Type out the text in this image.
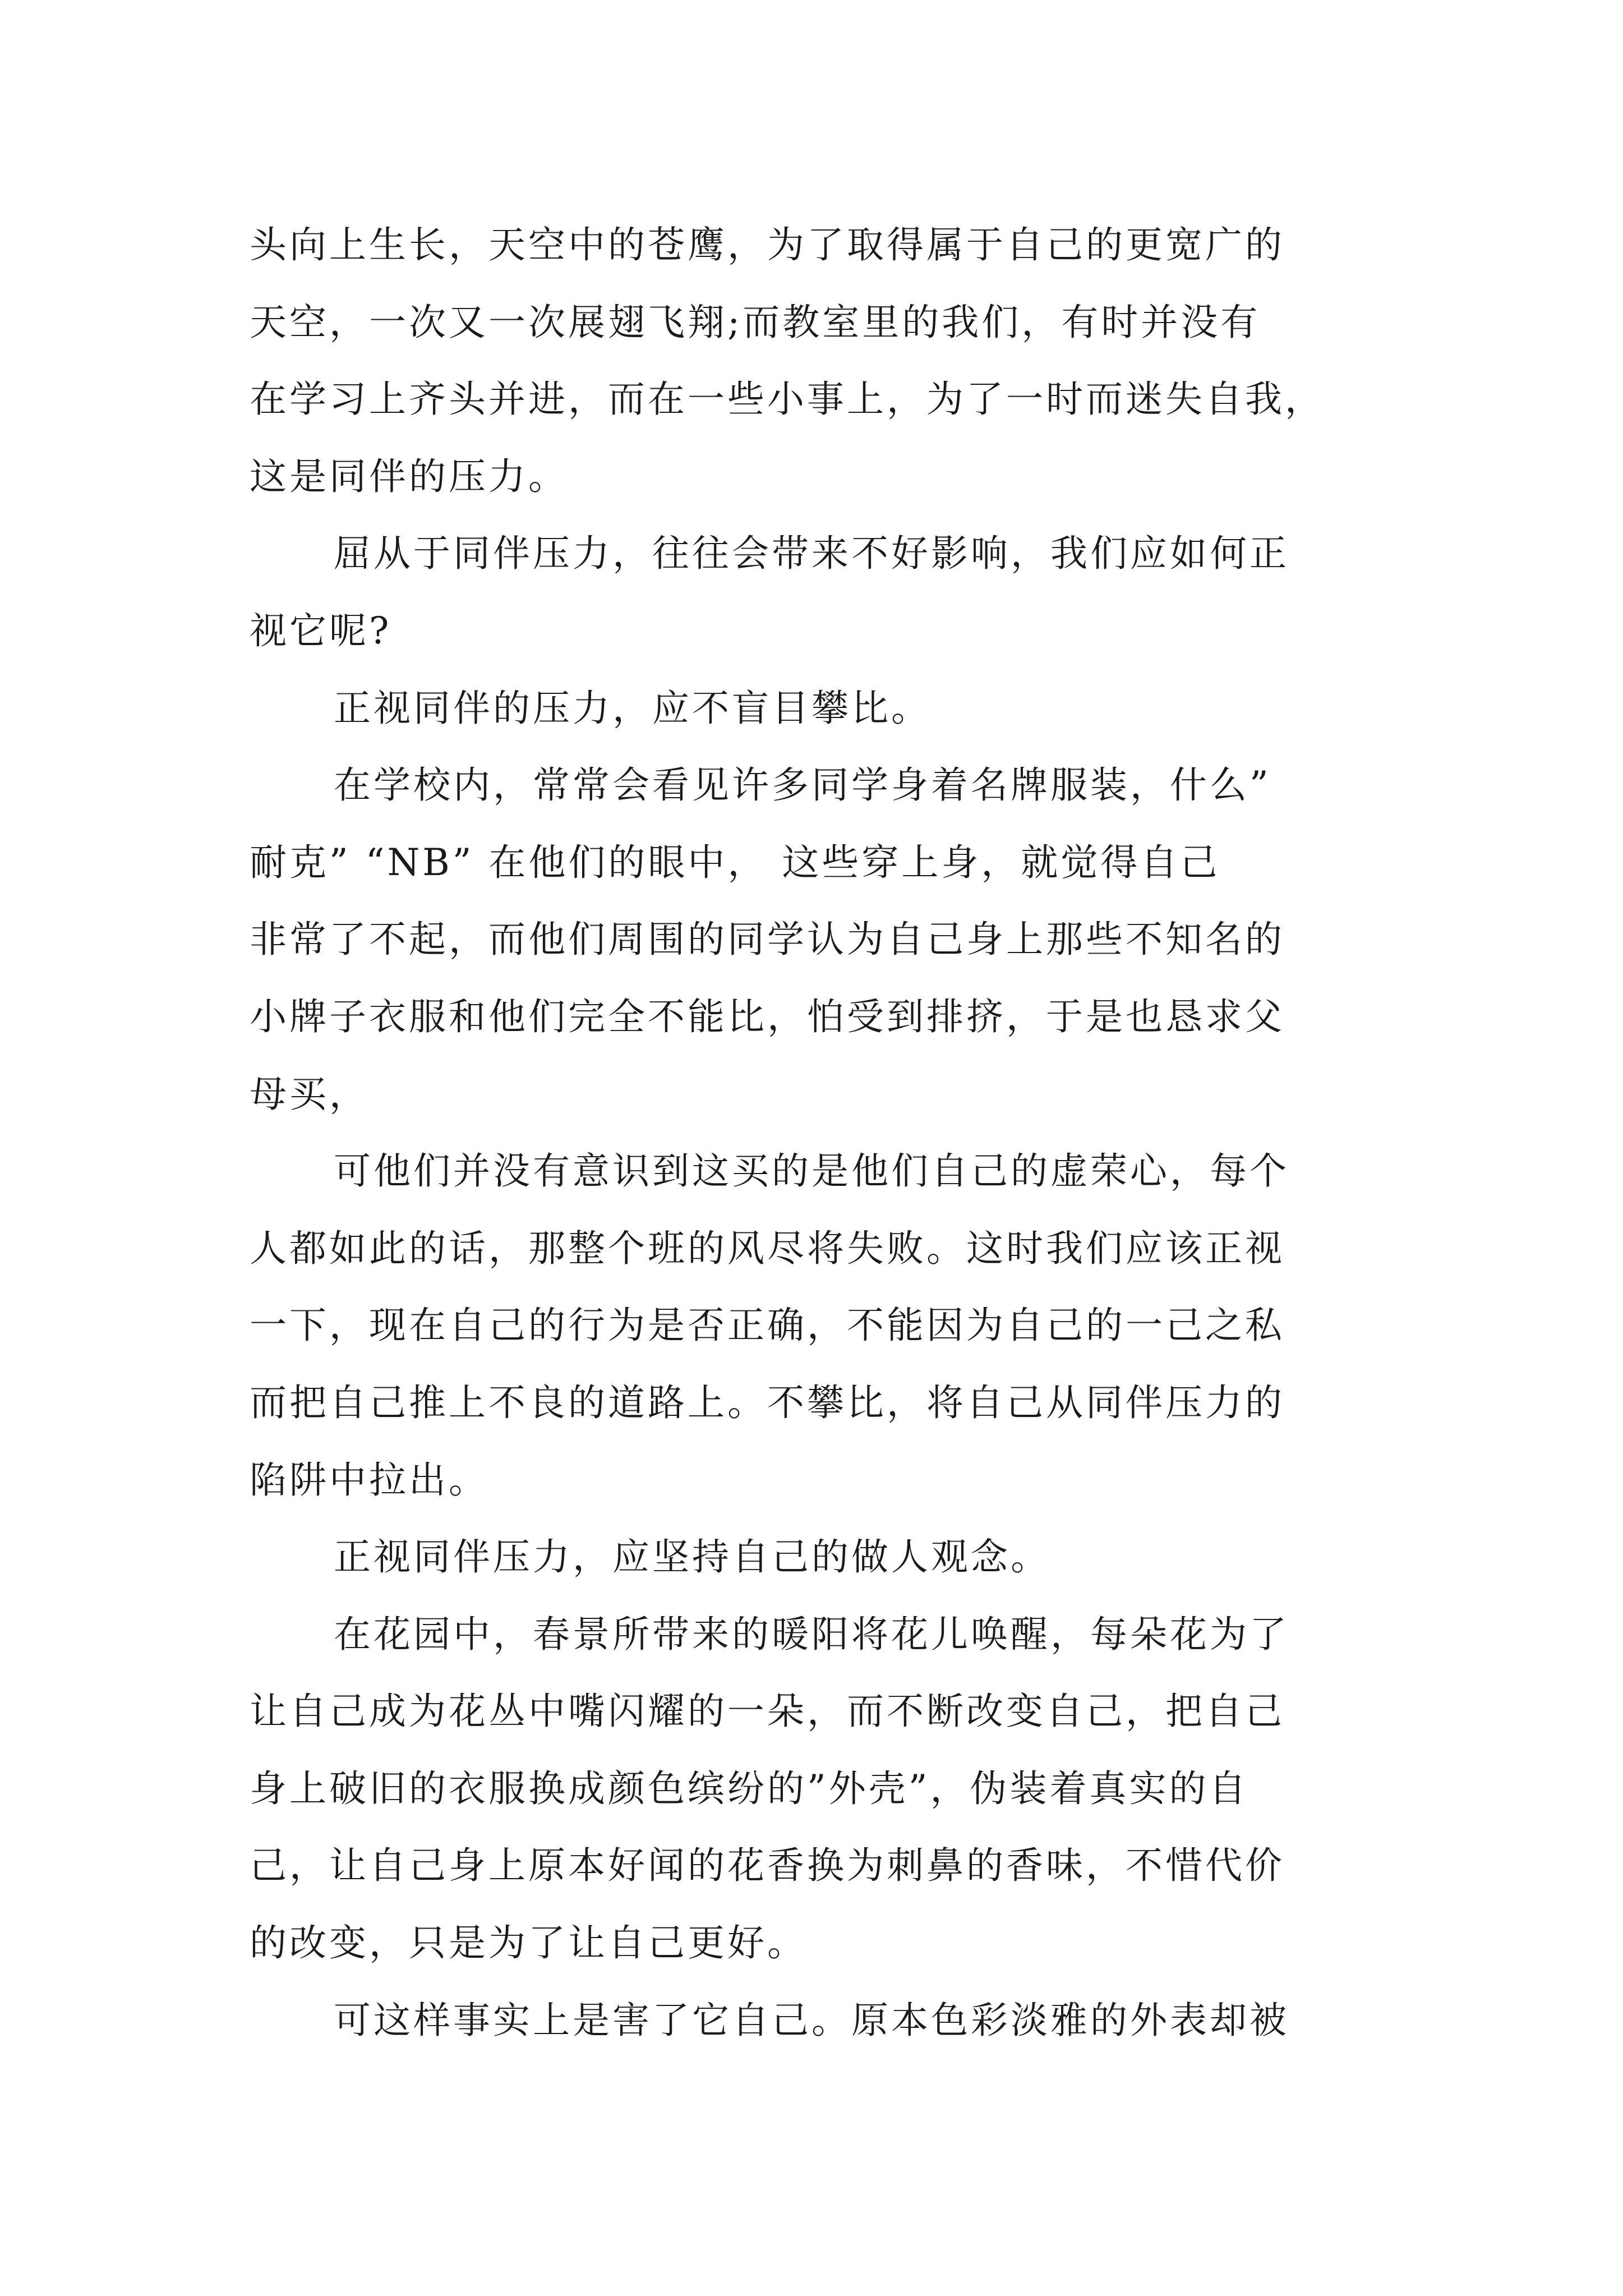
头向上生长，天空中的苍鹰，为了取得属于自己的更宽广的
天空，一次又一次展翅飞翔;而教室里的我们，有时并没有
在学习上齐头并进，而在一些小事上，为了一时而迷失自我，
这是同伴的压力。
屈从于同伴压力，往往会带来不好影响，我们应如何正
视它呢?
正视同伴的压力，应不盲目攀比。
在学校内，常常会看见许多同学身着名牌服装，什么”
耐克” “NB” 在他们的眼中， 这些穿上身，就觉得自己
非常了不起，而他们周围的同学认为自己身上那些不知名的
小牌子衣服和他们完全不能比，怕受到排挤，于是也恳求父
母买，
可他们并没有意识到这买的是他们自己的虚荣心，每个
人都如此的话，那整个班的风尽将失败。这时我们应该正视
一下，现在自己的行为是否正确，不能因为自己的一己之私
而把自己推上不良的道路上。不攀比，将自己从同伴压力的
陷阱中拉出。
正视同伴压力，应坚持自己的做人观念。
在花园中，春景所带来的暖阳将花儿唤醒，每朵花为了
让自己成为花丛中嘴闪耀的一朵，而不断改变自己，把自己
身上破旧的衣服换成颜色缤纷的”外壳”，伪装着真实的自
己，让自己身上原本好闻的花香换为刺鼻的香味，不惜代价
的改变，只是为了让自己更好。
可这样事实上是害了它自己。原本色彩淡雅的外表却被
